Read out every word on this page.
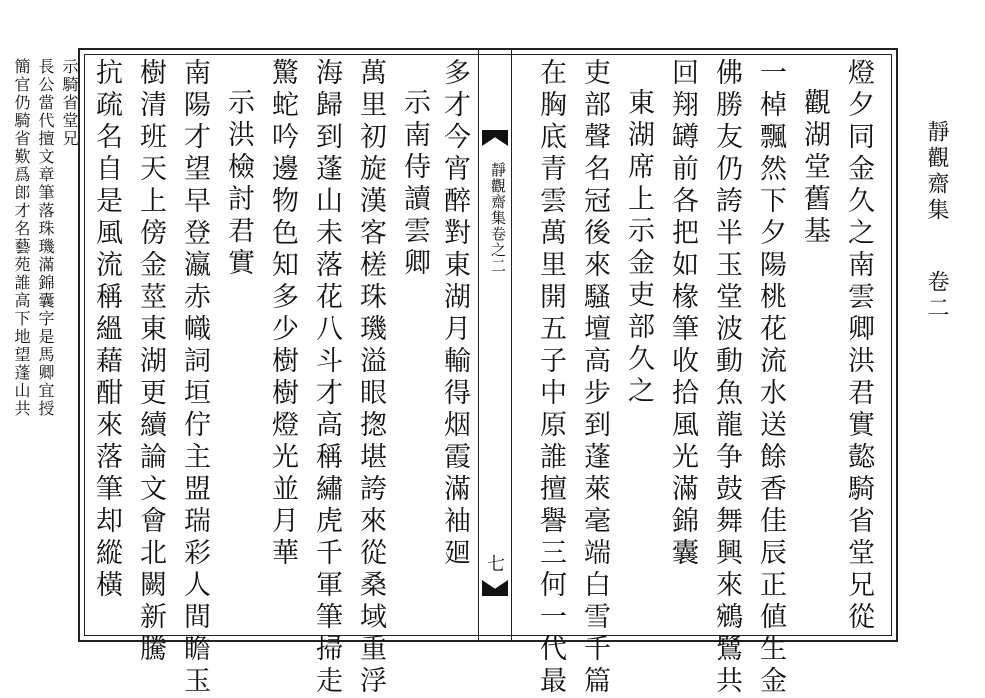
靜觀齋集
卷二
燈夕同金久之南雲卿洪君實㦤騎省堂兄從
觀湖堂舊基
一棹飄然下夕陽桃花流水送餘香佳辰正値生金
佛勝友仍誇半玉堂波動魚龍争鼓舞興來鵷鷺共
回翔罇前各把如椽筆收拾風光滿錦囊
東湖席上示金吏部久之
吏部聲名冠後來騷壇高步到蓬萊毫端白雪千篇
在胸底青雲萬里開五子中原誰擅譽三何一代最
靜觀齋集卷之二
七
多才今宵醉對東湖月輸得烟霞滿袖廻
示南侍讀雲卿
萬里初旋漢客槎珠璣溢眼揔堪誇來從桑域重浮
海歸到蓬山未落花八斗才高稱繡虎千軍筆掃走
驚蛇吟邊物色知多少樹樹燈光並月華
示洪檢討君實
南陽才望早登瀛赤幟詞垣佇主盟瑞彩人間瞻玉
樹清班天上傍金莖東湖更續論文會北闕新騰
抗疏名自是風流稱縕藉酣來落筆却縱橫
示騎省堂兄
長公當代擅文章筆落珠璣滿錦囊字是馬卿宜授
簡官仍騎省歎爲郎才名藝苑誰高下地望蓬山共
